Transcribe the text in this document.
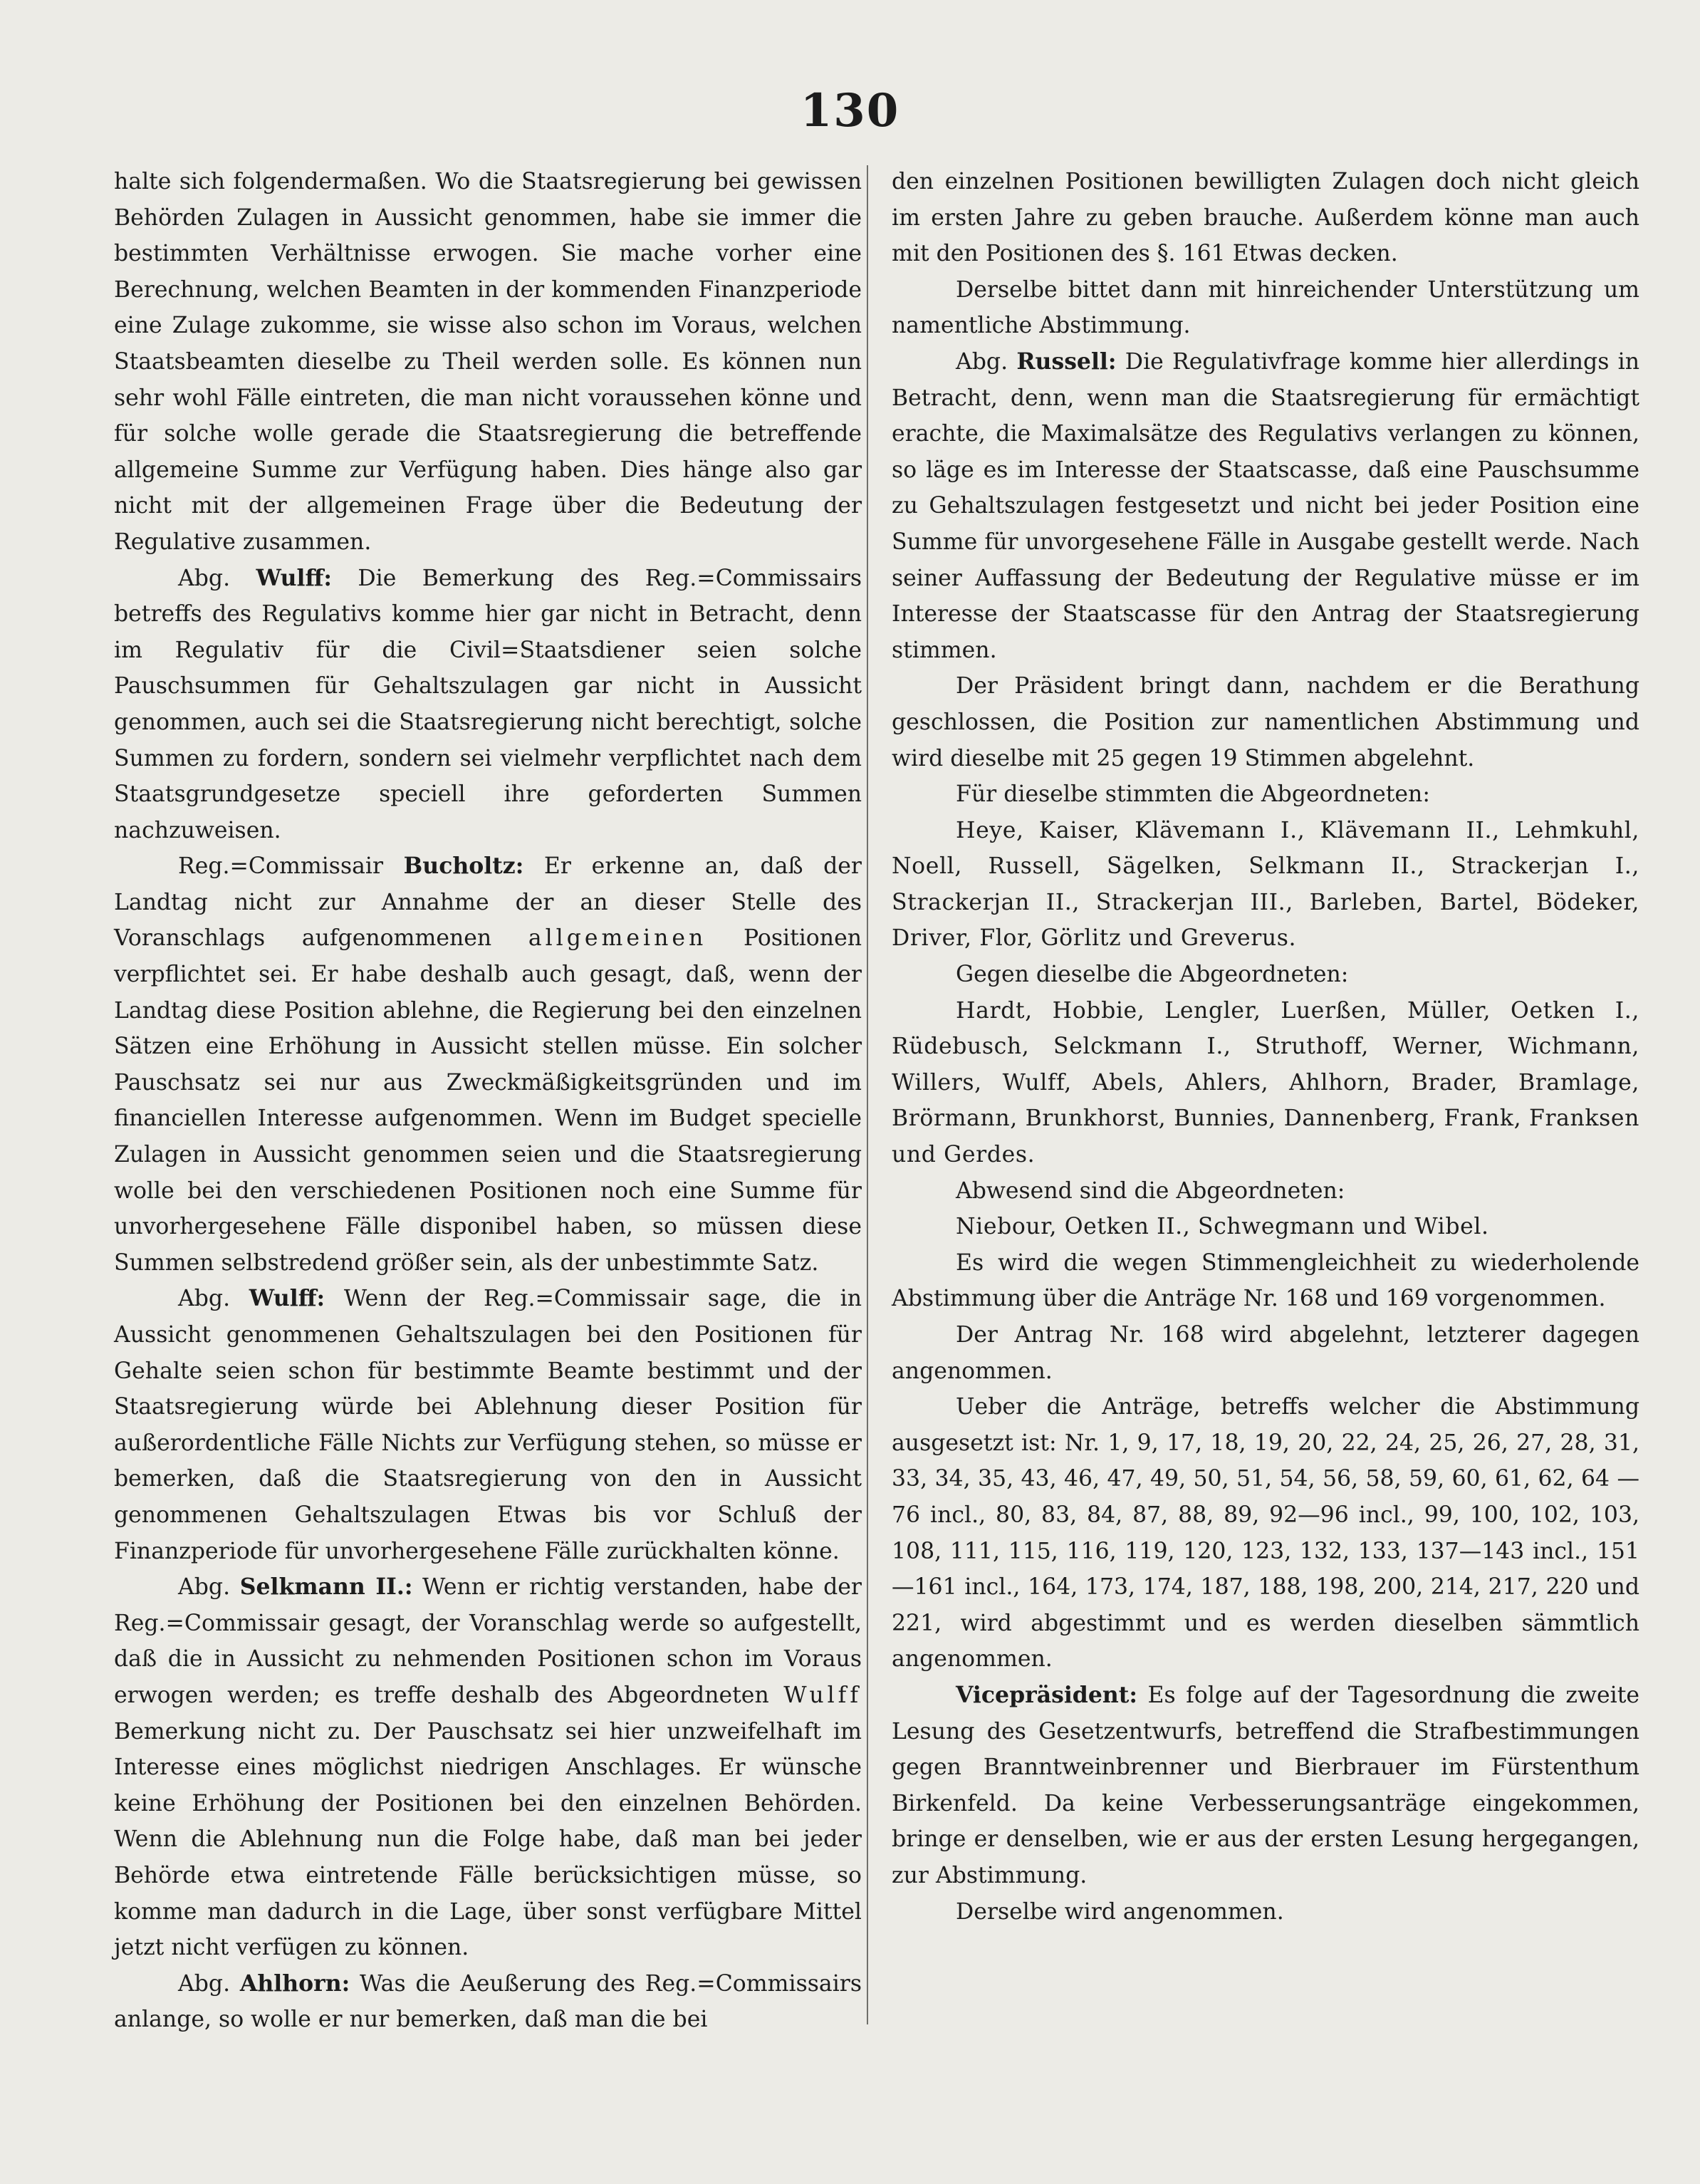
130

halte sich folgendermaßen. Wo die Staatsregierung bei gewissen Behörden Zulagen in Aussicht genommen, habe sie immer die bestimmten Verhältnisse erwogen. Sie mache vorher eine Berechnung, welchen Beamten in der kommenden Finanzperiode eine Zulage zukomme, sie wisse also schon im Voraus, welchen Staatsbeamten dieselbe zu Theil werden solle. Es können nun sehr wohl Fälle eintreten, die man nicht voraussehen könne und für solche wolle gerade die Staatsregierung die betreffende allgemeine Summe zur Verfügung haben. Dies hänge also gar nicht mit der allgemeinen Frage über die Bedeutung der Regulative zusammen.

Abg. Wulff: Die Bemerkung des Reg.=Commissairs betreffs des Regulativs komme hier gar nicht in Betracht, denn im Regulativ für die Civil=Staatsdiener seien solche Pauschsummen für Gehaltszulagen gar nicht in Aussicht genommen, auch sei die Staatsregierung nicht berechtigt, solche Summen zu fordern, sondern sei vielmehr verpflichtet nach dem Staatsgrundgesetze speciell ihre geforderten Summen nachzuweisen.

Reg.=Commissair Bucholtz: Er erkenne an, daß der Landtag nicht zur Annahme der an dieser Stelle des Voranschlags aufgenommenen allgemeinen Positionen verpflichtet sei. Er habe deshalb auch gesagt, daß, wenn der Landtag diese Position ablehne, die Regierung bei den einzelnen Sätzen eine Erhöhung in Aussicht stellen müsse. Ein solcher Pauschsatz sei nur aus Zweckmäßigkeitsgründen und im financiellen Interesse aufgenommen. Wenn im Budget specielle Zulagen in Aussicht genommen seien und die Staatsregierung wolle bei den verschiedenen Positionen noch eine Summe für unvorhergesehene Fälle disponibel haben, so müssen diese Summen selbstredend größer sein, als der unbestimmte Satz.

Abg. Wulff: Wenn der Reg.=Commissair sage, die in Aussicht genommenen Gehaltszulagen bei den Positionen für Gehalte seien schon für bestimmte Beamte bestimmt und der Staatsregierung würde bei Ablehnung dieser Position für außerordentliche Fälle Nichts zur Verfügung stehen, so müsse er bemerken, daß die Staatsregierung von den in Aussicht genommenen Gehaltszulagen Etwas bis vor Schluß der Finanzperiode für unvorhergesehene Fälle zurückhalten könne.

Abg. Selkmann II.: Wenn er richtig verstanden, habe der Reg.=Commissair gesagt, der Voranschlag werde so aufgestellt, daß die in Aussicht zu nehmenden Positionen schon im Voraus erwogen werden; es treffe deshalb des Abgeordneten Wulff Bemerkung nicht zu. Der Pauschsatz sei hier unzweifelhaft im Interesse eines möglichst niedrigen Anschlages. Er wünsche keine Erhöhung der Positionen bei den einzelnen Behörden. Wenn die Ablehnung nun die Folge habe, daß man bei jeder Behörde etwa eintretende Fälle berücksichtigen müsse, so komme man dadurch in die Lage, über sonst verfügbare Mittel jetzt nicht verfügen zu können.

Abg. Ahlhorn: Was die Aeußerung des Reg.=Commissairs anlange, so wolle er nur bemerken, daß man die bei

den einzelnen Positionen bewilligten Zulagen doch nicht gleich im ersten Jahre zu geben brauche. Außerdem könne man auch mit den Positionen des §. 161 Etwas decken.

Derselbe bittet dann mit hinreichender Unterstützung um namentliche Abstimmung.

Abg. Russell: Die Regulativfrage komme hier allerdings in Betracht, denn, wenn man die Staatsregierung für ermächtigt erachte, die Maximalsätze des Regulativs verlangen zu können, so läge es im Interesse der Staatscasse, daß eine Pauschsumme zu Gehaltszulagen festgesetzt und nicht bei jeder Position eine Summe für unvorgesehene Fälle in Ausgabe gestellt werde. Nach seiner Auffassung der Bedeutung der Regulative müsse er im Interesse der Staatscasse für den Antrag der Staatsregierung stimmen.

Der Präsident bringt dann, nachdem er die Berathung geschlossen, die Position zur namentlichen Abstimmung und wird dieselbe mit 25 gegen 19 Stimmen abgelehnt.

Für dieselbe stimmten die Abgeordneten:

Heye, Kaiser, Klävemann I., Klävemann II., Lehmkuhl, Noell, Russell, Sägelken, Selkmann II., Stracke​rjan I., Strackerjan II., Strackerjan III., Barleben, Bartel, Bödeker, Driver, Flor, Görlitz und Greverus.

Gegen dieselbe die Abgeordneten:

Hardt, Hobbie, Lengler, Luerßen, Müller, Oetken I., Rüdebusch, Selckmann I., Struthoff, Werner, Wichmann, Willers, Wulff, Abels, Ahlers, Ahlhorn, Brader, Bramlage, Brörmann, Brunkhorst, Bunnies, Dannenberg, Frank, Franksen und Gerdes.

Abwesend sind die Abgeordneten:

Niebour, Oetken II., Schwegmann und Wibel.

Es wird die wegen Stimmengleichheit zu wiederholende Abstimmung über die Anträge Nr. 168 und 169 vorgenommen.

Der Antrag Nr. 168 wird abgelehnt, letzterer dagegen angenommen.

Ueber die Anträge, betreffs welcher die Abstimmung ausgesetzt ist: Nr. 1, 9, 17, 18, 19, 20, 22, 24, 25, 26, 27, 28, 31, 33, 34, 35, 43, 46, 47, 49, 50, 51, 54, 56, 58, 59, 60, 61, 62, 64 — 76 incl., 80, 83, 84, 87, 88, 89, 92—96 incl., 99, 100, 102, 103, 108, 111, 115, 116, 119, 120, 123, 132, 133, 137—143 incl., 151—161 incl., 164, 173, 174, 187, 188, 198, 200, 214, 217, 220 und 221, wird abgestimmt und es werden dieselben sämmtlich angenommen.

Vicepräsident: Es folge auf der Tagesordnung die zweite Lesung des Gesetzentwurfs, betreffend die Strafbestimmungen gegen Branntweinbrenner und Bierbrauer im Fürstenthum Birkenfeld. Da keine Verbesserungsanträge eingekommen, bringe er denselben, wie er aus der ersten Lesung hergegangen, zur Abstimmung.

Derselbe wird angenommen.
